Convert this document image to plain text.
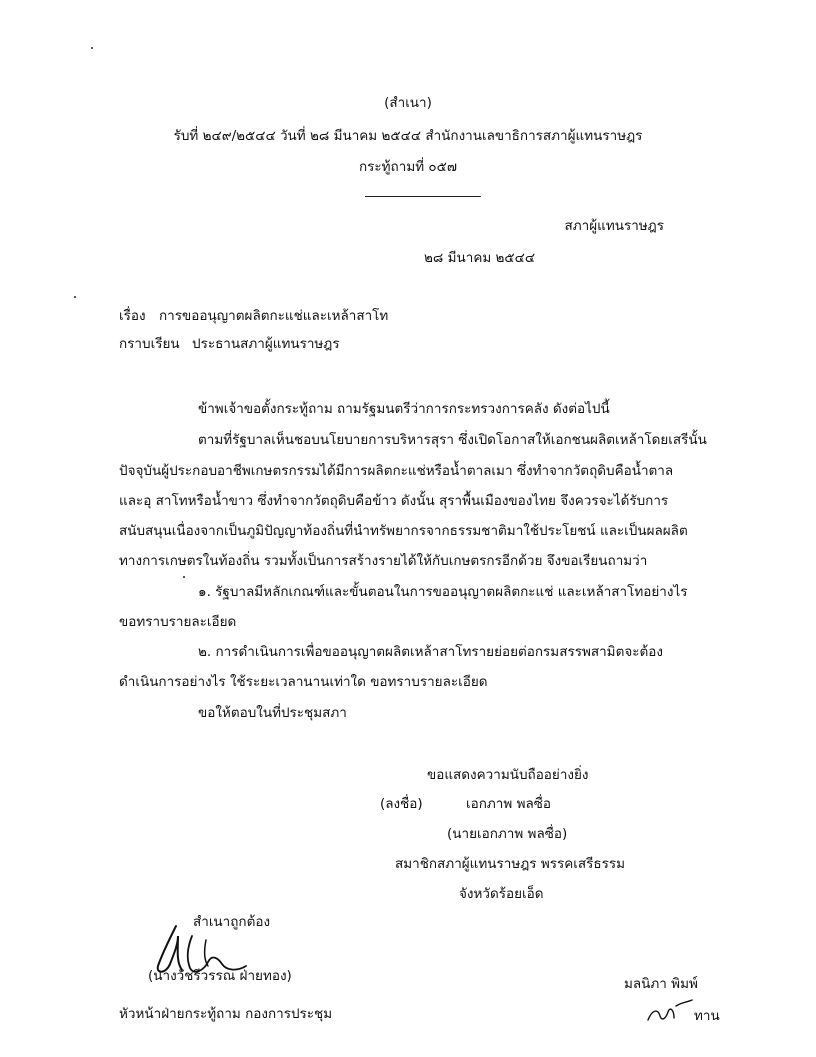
(สำเนา)
รับที่ ๒๔๙/๒๕๔๔ วันที่ ๒๘ มีนาคม ๒๕๔๔ สำนักงานเลขาธิการสภาผู้แทนราษฎร
กระทู้ถามที่ ๐๕๗
สภาผู้แทนราษฎร
๒๘ มีนาคม ๒๕๔๔
เรื่อง การขออนุญาตผลิตกะแช่และเหล้าสาโท
กราบเรียน ประธานสภาผู้แทนราษฎร
ข้าพเจ้าขอตั้งกระทู้ถาม ถามรัฐมนตรีว่าการกระทรวงการคลัง ดังต่อไปนี้
ตามที่รัฐบาลเห็นชอบนโยบายการบริหารสุรา ซึ่งเปิดโอกาสให้เอกชนผลิตเหล้าโดยเสรีนั้น
ปัจจุบันผู้ประกอบอาชีพเกษตรกรรมได้มีการผลิตกะแช่หรือน้ำตาลเมา ซึ่งทำจากวัตถุดิบคือน้ำตาล
และอุ สาโทหรือน้ำขาว ซึ่งทำจากวัตถุดิบคือข้าว ดังนั้น สุราพื้นเมืองของไทย จึงควรจะได้รับการ
สนับสนุนเนื่องจากเป็นภูมิปัญญาท้องถิ่นที่นำทรัพยากรจากธรรมชาติมาใช้ประโยชน์ และเป็นผลผลิต
ทางการเกษตรในท้องถิ่น รวมทั้งเป็นการสร้างรายได้ให้กับเกษตรกรอีกด้วย จึงขอเรียนถามว่า
๑. รัฐบาลมีหลักเกณฑ์และขั้นตอนในการขออนุญาตผลิตกะแช่ และเหล้าสาโทอย่างไร
ขอทราบรายละเอียด
๒. การดำเนินการเพื่อขออนุญาตผลิตเหล้าสาโทรายย่อยต่อกรมสรรพสามิตจะต้อง
ดำเนินการอย่างไร ใช้ระยะเวลานานเท่าใด ขอทราบรายละเอียด
ขอให้ตอบในที่ประชุมสภา
ขอแสดงความนับถืออย่างยิ่ง
(ลงชื่อ)	เอกภาพ พลซื่อ
(นายเอกภาพ พลซื่อ)
สมาชิกสภาผู้แทนราษฎร พรรคเสรีธรรม
จังหวัดร้อยเอ็ด
สำเนาถูกต้อง
(นางวัชรีวรรณ ฝ่ายทอง)
หัวหน้าฝ่ายกระทู้ถาม กองการประชุม
มลนิภา พิมพ์
ทาน
